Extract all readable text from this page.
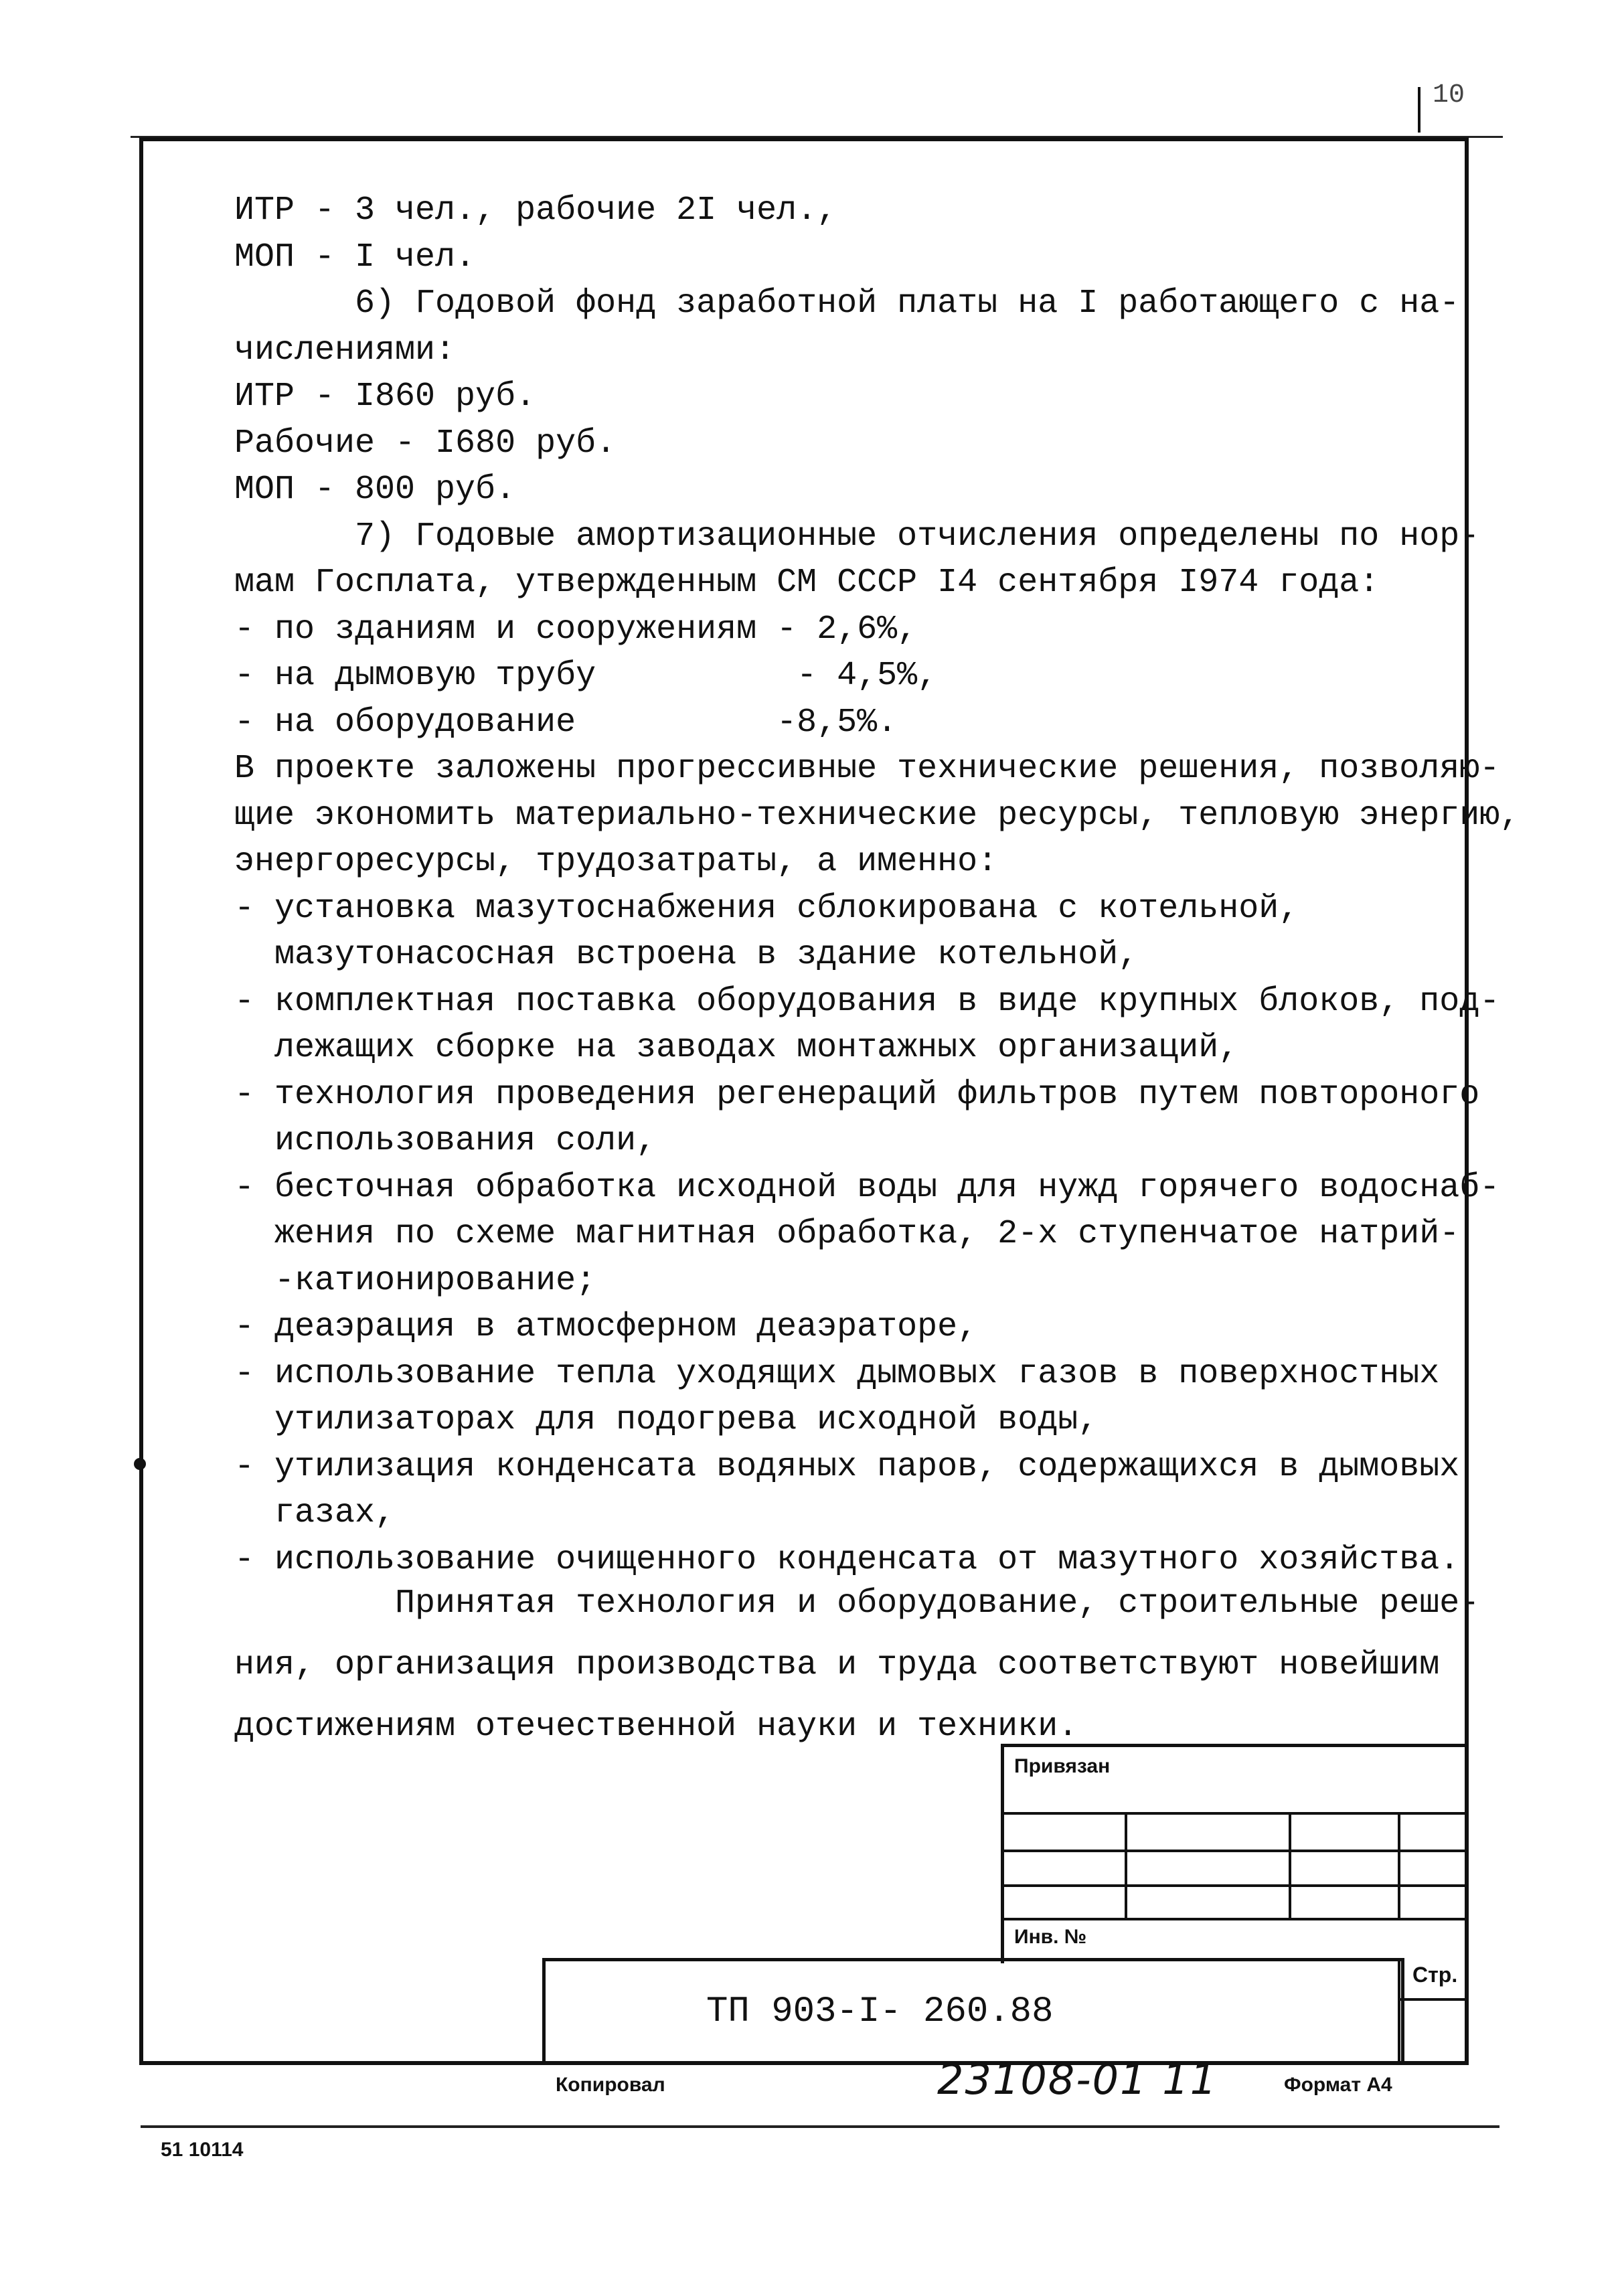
10
ИТР - 3 чел., рабочие 2I чел.,
МОП - I чел.
6) Годовой фонд заработной платы на I работающего с на-
числениями:
ИТР - I860 руб.
Рабочие - I680 руб.
МОП - 800 руб.
7) Годовые амортизационные отчисления определены по нор-
мам Госплата, утвержденным СМ СССР I4 сентября I974 года:
- по зданиям и сооружениям - 2,6%,
- на дымовую трубу          - 4,5%,
- на оборудование          -8,5%.
В проекте заложены прогрессивные технические решения, позволяю-
щие экономить материально-технические ресурсы, тепловую энергию,
энергоресурсы, трудозатраты, а именно:
- установка мазутоснабжения сблокирована с котельной,
мазутонасосная встроена в здание котельной,
- комплектная поставка оборудования в виде крупных блоков, под-
лежащих сборке на заводах монтажных организаций,
- технология проведения регенераций фильтров путем повтороного
использования соли,
- бесточная обработка исходной воды для нужд горячего водоснаб-
жения по схеме магнитная обработка, 2-х ступенчатое натрий-
-катионирование;
- деаэрация в атмосферном деаэраторе,
- использование тепла уходящих дымовых газов в поверхностных
утилизаторах для подогрева исходной воды,
- утилизация конденсата водяных паров, содержащихся в дымовых
газах,
- использование очищенного конденсата от мазутного хозяйства.
Принятая технология и оборудование, строительные реше-
ния, организация производства и труда соответствуют новейшим
достижениям отечественной науки и техники.
Привязан
Инв. №
ТП 903-I- 260.88
Стр.
Копировал	23108-01 11	Формат А4
51 10114
